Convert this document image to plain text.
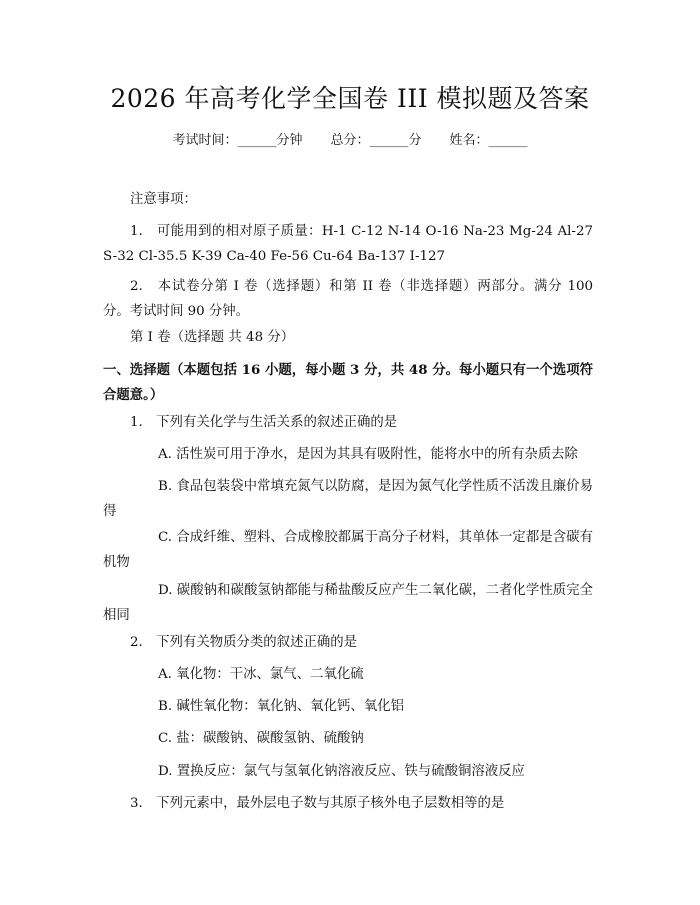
2026 年高考化学全国卷 III 模拟题及答案
考试时间：______分钟 总分：______分 姓名：______
注意事项：
1.　可能用到的相对原子质量：H-1 C-12 N-14 O-16 Na-23 Mg-24 Al-27 S-32 Cl-35.5 K-39 Ca-40 Fe-56 Cu-64 Ba-137 I-127
2.　本试卷分第 I 卷（选择题）和第 II 卷（非选择题）两部分。满分 100 分。考试时间 90 分钟。
第 I 卷（选择题 共 48 分）
一、选择题（本题包括 16 小题，每小题 3 分，共 48 分。每小题只有一个选项符合题意。）
1.　下列有关化学与生活关系的叙述正确的是
A. 活性炭可用于净水，是因为其具有吸附性，能将水中的所有杂质去除
B. 食品包装袋中常填充氮气以防腐，是因为氮气化学性质不活泼且廉价易得
C. 合成纤维、塑料、合成橡胶都属于高分子材料，其单体一定都是含碳有机物
D. 碳酸钠和碳酸氢钠都能与稀盐酸反应产生二氧化碳，二者化学性质完全相同
2.　下列有关物质分类的叙述正确的是
A. 氧化物：干冰、氯气、二氧化硫
B. 碱性氧化物：氧化钠、氧化钙、氧化铝
C. 盐：碳酸钠、碳酸氢钠、硫酸钠
D. 置换反应：氯气与氢氧化钠溶液反应、铁与硫酸铜溶液反应
3.　下列元素中，最外层电子数与其原子核外电子层数相等的是
